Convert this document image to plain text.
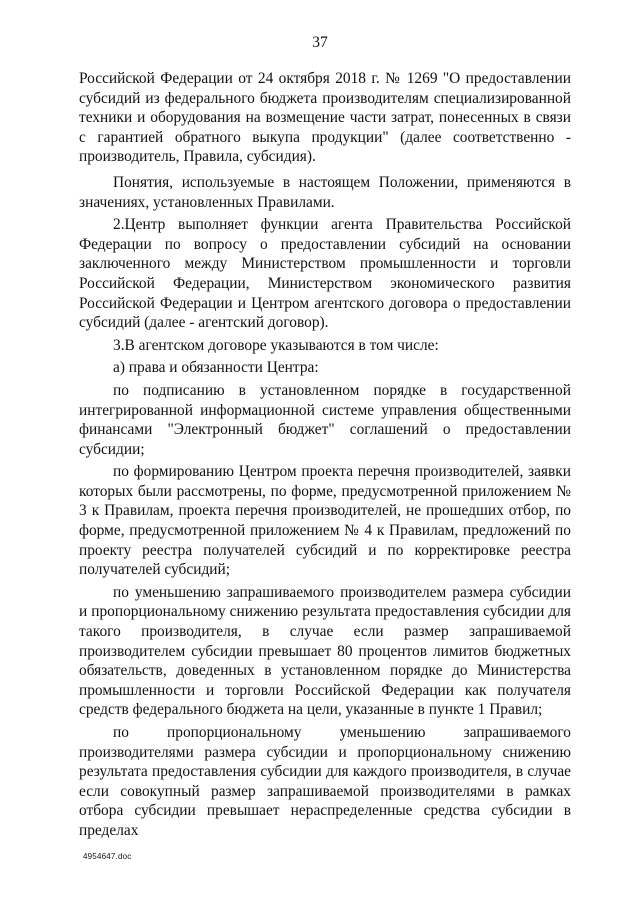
37

Российской Федерации от 24 октября 2018 г. № 1269 "О предоставлении субсидий из федерального бюджета производителям специализированной техники и оборудования на возмещение части затрат, понесенных в связи с гарантией обратного выкупа продукции" (далее соответственно - производитель, Правила, субсидия).

Понятия, используемые в настоящем Положении, применяются в значениях, установленных Правилами.

2.Центр выполняет функции агента Правительства Российской Федерации по вопросу о предоставлении субсидий на основании заключенного между Министерством промышленности и торговли Российской Федерации, Министерством экономического развития Российской Федерации и Центром агентского договора о предоставлении субсидий (далее - агентский договор).

3.В агентском договоре указываются в том числе:

а) права и обязанности Центра:

по подписанию в установленном порядке в государственной интегрированной информационной системе управления общественными финансами "Электронный бюджет" соглашений о предоставлении субсидии;

по формированию Центром проекта перечня производителей, заявки которых были рассмотрены, по форме, предусмотренной приложением № 3 к Правилам, проекта перечня производителей, не прошедших отбор, по форме, предусмотренной приложением № 4 к Правилам, предложений по проекту реестра получателей субсидий и по корректировке реестра получателей субсидий;

по уменьшению запрашиваемого производителем размера субсидии и пропорциональному снижению результата предоставления субсидии для такого производителя, в случае если размер запрашиваемой производителем субсидии превышает 80 процентов лимитов бюджетных обязательств, доведенных в установленном порядке до Министерства промышленности и торговли Российской Федерации как получателя средств федерального бюджета на цели, указанные в пункте 1 Правил;

по пропорциональному уменьшению запрашиваемого производителями размера субсидии и пропорциональному снижению результата предоставления субсидии для каждого производителя, в случае если совокупный размер запрашиваемой производителями в рамках отбора субсидии превышает нераспределенные средства субсидии в пределах

4954647.doc
